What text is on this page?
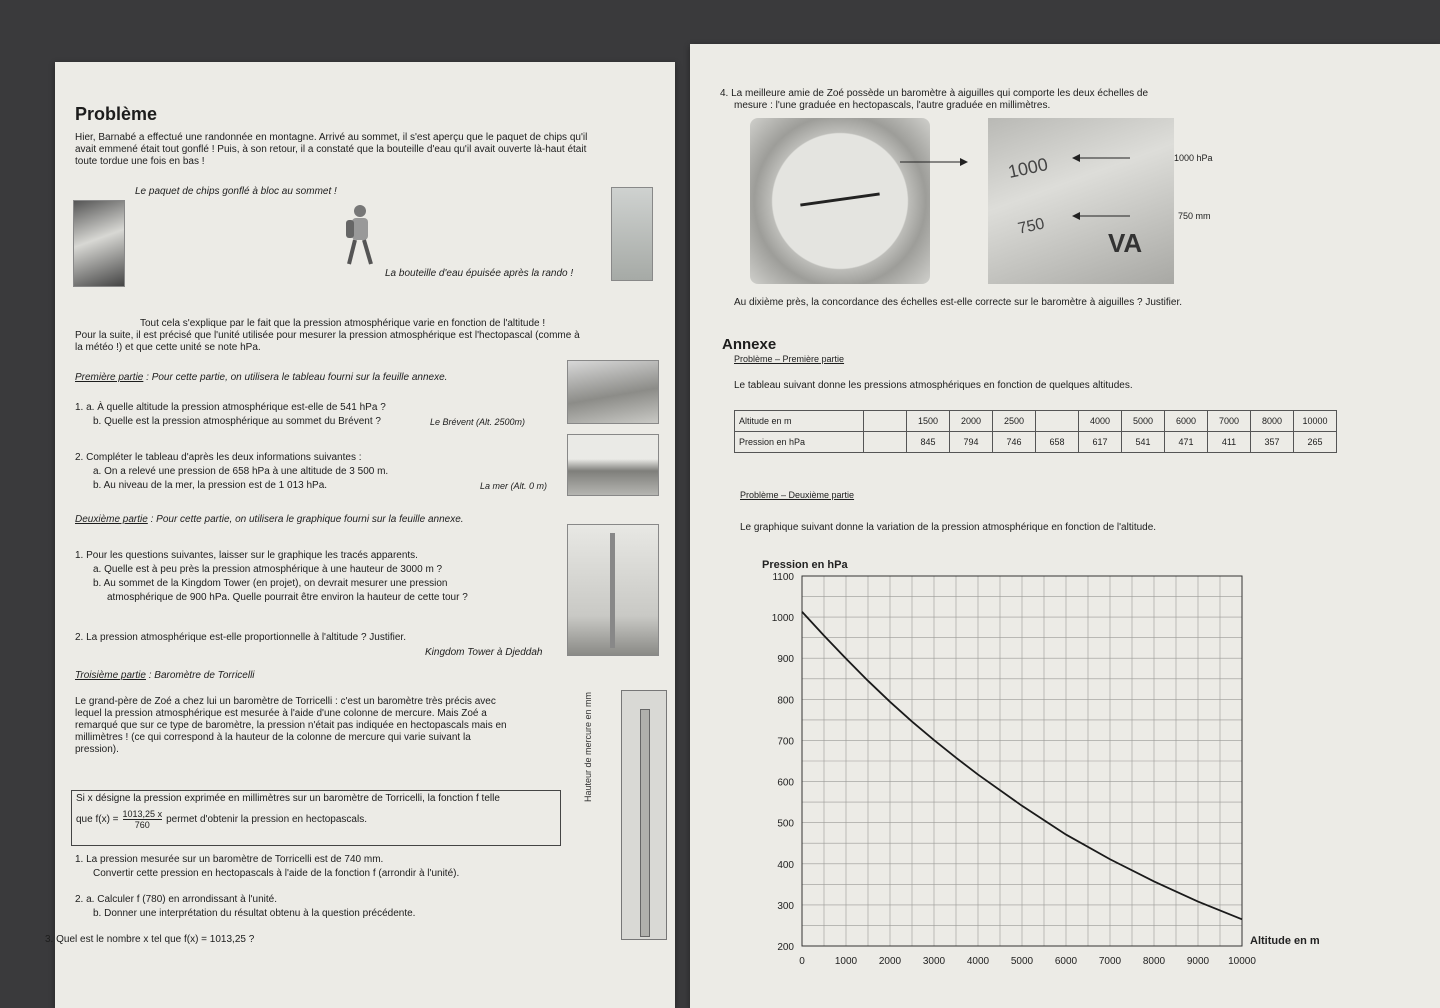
Problème
Hier, Barnabé a effectué une randonnée en montagne. Arrivé au sommet, il s'est aperçu que le paquet de chips qu'il
avait emmené était tout gonflé ! Puis, à son retour, il a constaté que la bouteille d'eau qu'il avait ouverte là-haut était
toute tordue une fois en bas !
Le paquet de chips gonflé à bloc au sommet !
La bouteille d'eau épuisée après la rando !
Tout cela s'explique par le fait que la pression atmosphérique varie en fonction de l'altitude !
Pour la suite, il est précisé que l'unité utilisée pour mesurer la pression atmosphérique est l'hectopascal (comme à
la météo !) et que cette unité se note hPa.
Première partie : Pour cette partie, on utilisera le tableau fourni sur la feuille annexe.
1. a. À quelle altitude la pression atmosphérique est-elle de 541 hPa ?
b. Quelle est la pression atmosphérique au sommet du Brévent ?	Le Brévent (Alt. 2500m)
2. Compléter le tableau d'après les deux informations suivantes :
a. On a relevé une pression de 658 hPa à une altitude de 3 500 m.
b. Au niveau de la mer, la pression est de 1 013 hPa.	La mer (Alt. 0 m)
Deuxième partie : Pour cette partie, on utilisera le graphique fourni sur la feuille annexe.
1. Pour les questions suivantes, laisser sur le graphique les tracés apparents.
a. Quelle est à peu près la pression atmosphérique à une hauteur de 3000 m ?
b. Au sommet de la Kingdom Tower (en projet), on devrait mesurer une pression
atmosphérique de 900 hPa. Quelle pourrait être environ la hauteur de cette tour ?
2. La pression atmosphérique est-elle proportionnelle à l'altitude ? Justifier.
Kingdom Tower à Djeddah
Troisième partie : Baromètre de Torricelli
Le grand-père de Zoé a chez lui un baromètre de Torricelli : c'est un baromètre très précis avec
lequel la pression atmosphérique est mesurée à l'aide d'une colonne de mercure. Mais Zoé a
remarqué que sur ce type de baromètre, la pression n'était pas indiquée en hectopascals mais en
millimètres ! (ce qui correspond à la hauteur de la colonne de mercure qui varie suivant la
pression).
Si x désigne la pression exprimée en millimètres sur un baromètre de Torricelli, la fonction f telle
que $f(x) = \frac{1013,25 x}{760}$ permet d'obtenir la pression en hectopascals.
1. La pression mesurée sur un baromètre de Torricelli est de 740 mm.
Convertir cette pression en hectopascals à l'aide de la fonction f (arrondir à l'unité).
2. a. Calculer f (780) en arrondissant à l'unité.
b. Donner une interprétation du résultat obtenu à la question précédente.
3. Quel est le nombre x tel que f(x) = 1013,25 ?
Hauteur de mercure en mm
4. La meilleure amie de Zoé possède un baromètre à aiguilles qui comporte les deux échelles de
mesure : l'une graduée en hectopascals, l'autre graduée en millimètres.
1000
750
VA
1000 hPa
750 mm
Au dixième près, la concordance des échelles est-elle correcte sur le baromètre à aiguilles ? Justifier.
Annexe
Problème – Première partie
Le tableau suivant donne les pressions atmosphériques en fonction de quelques altitudes.
Altitude en m		1500	2000	2500		4000	5000	6000	7000	8000	10000
Pression en hPa		845	794	746	658	617	541	471	411	357	265
Problème – Deuxième partie
Le graphique suivant donne la variation de la pression atmosphérique en fonction de l'altitude.
200
300
400
500
600
700
800
900
1000
1100
0	1000 2000 3000 4000 5000 6000 7000 8000 9000 10000
Pression en hPa
Altitude en m
